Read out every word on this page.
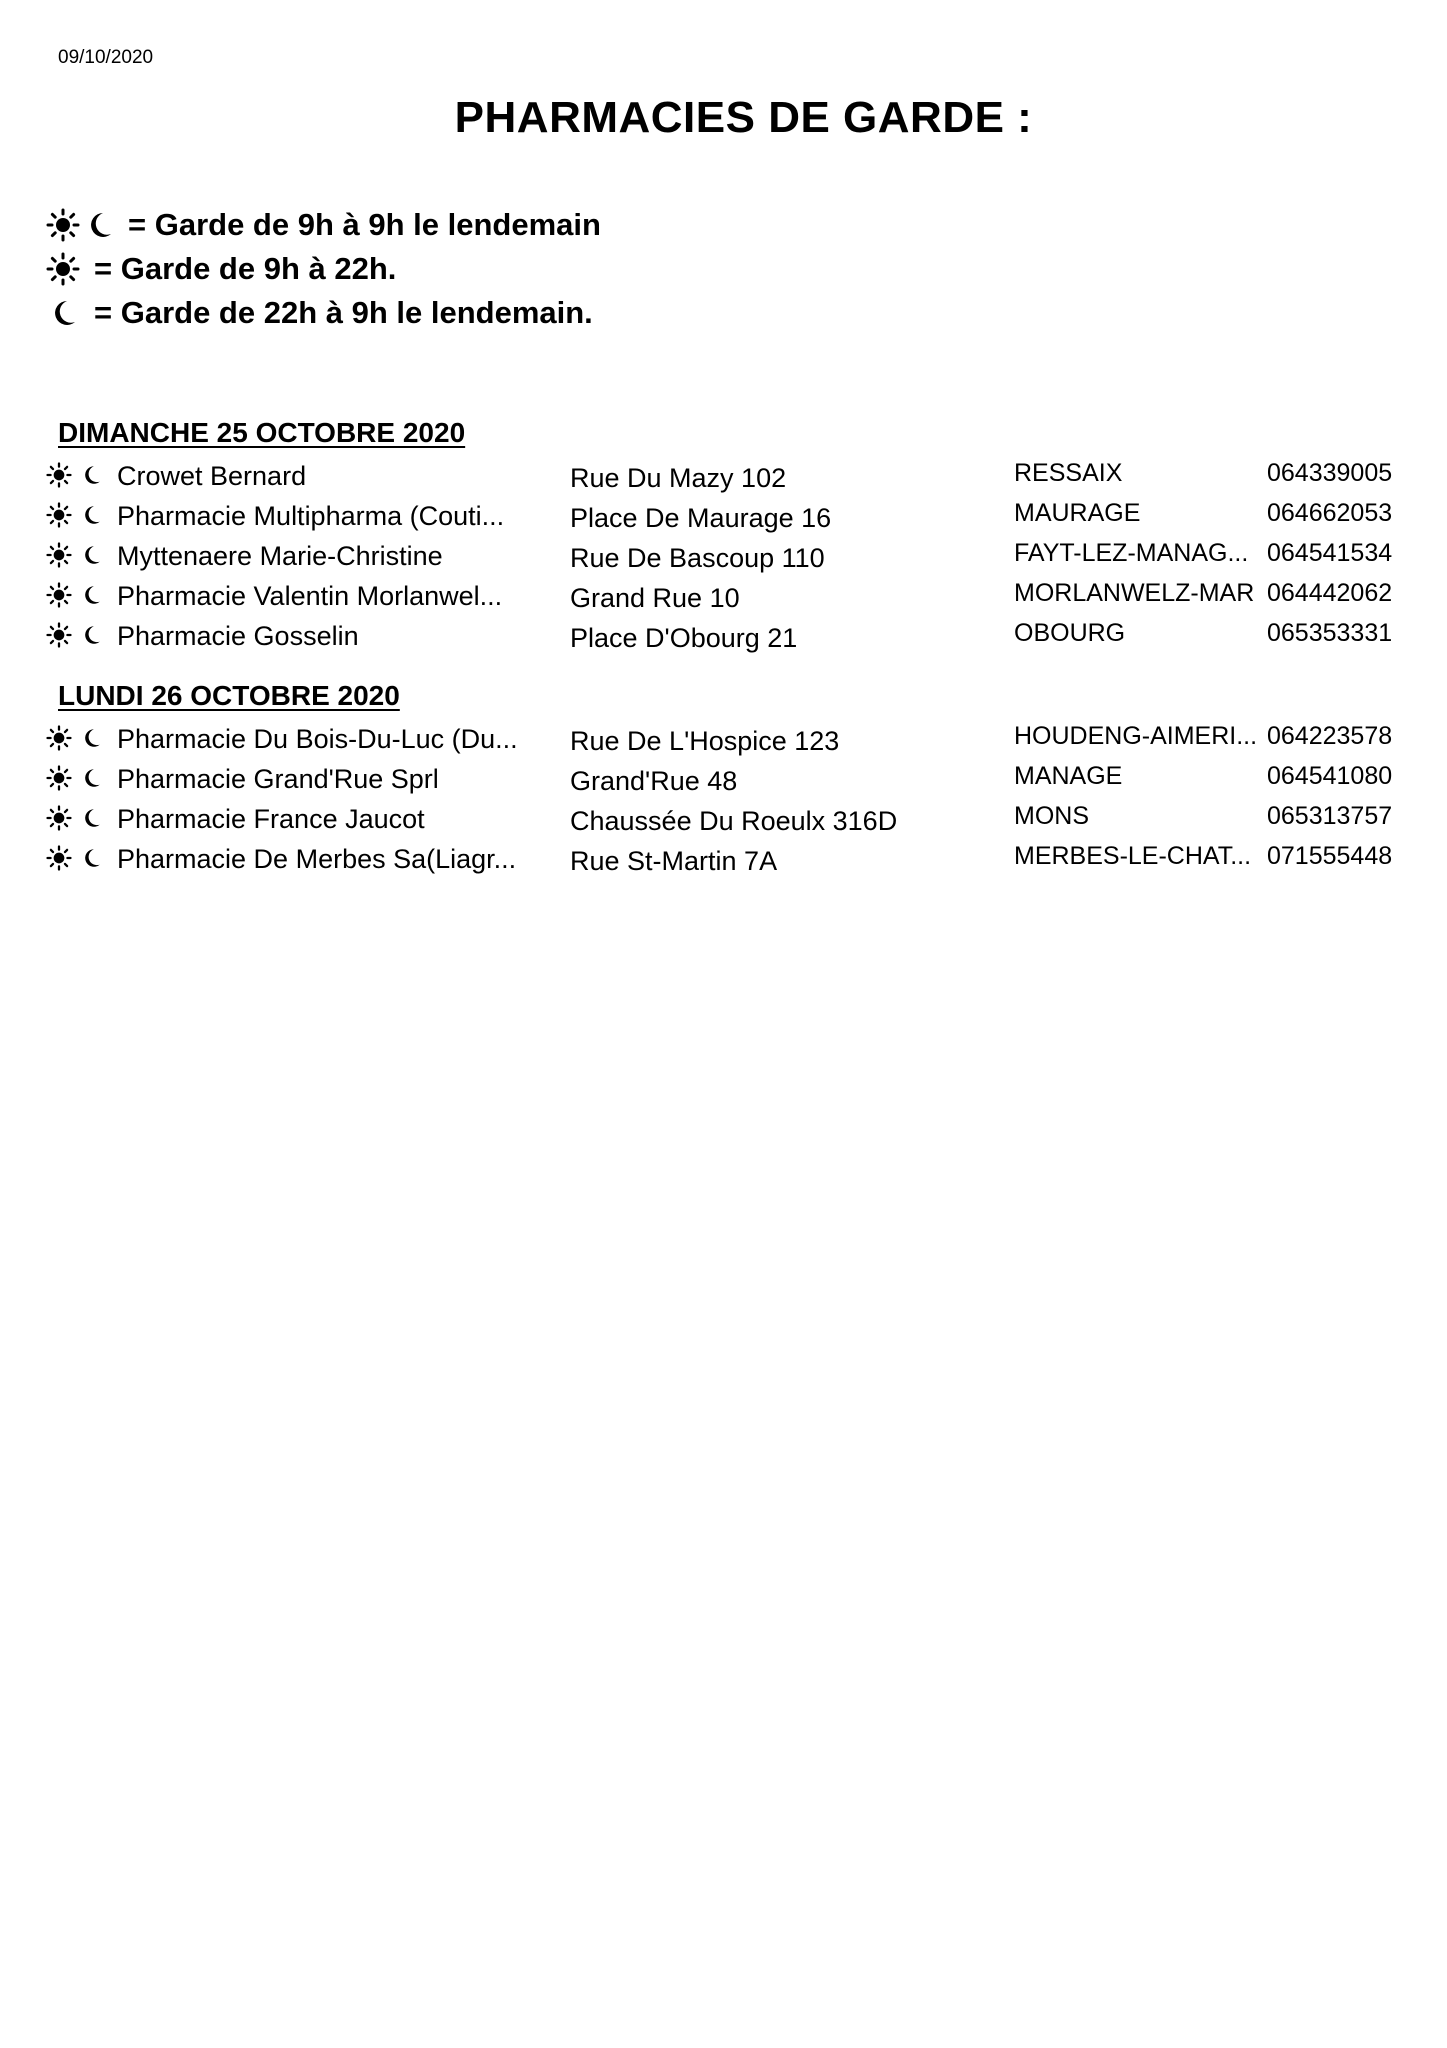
09/10/2020
PHARMACIES DE GARDE :
= Garde de 9h à 9h le lendemain
= Garde de 9h à 22h.
= Garde de 22h à 9h le lendemain.
DIMANCHE 25 OCTOBRE 2020
Crowet Bernard	Rue Du Mazy 102	RESSAIX	064339005
Pharmacie Multipharma (Couti... Place De Maurage 16	MAURAGE	064662053
Myttenaere Marie-Christine	Rue De Bascoup 110	FAYT-LEZ-MANAG... 064541534
Pharmacie Valentin Morlanwel...	Grand Rue 10	MORLANWELZ-MAR 064442062
Pharmacie Gosselin	Place D'Obourg 21	OBOURG	065353331
LUNDI 26 OCTOBRE 2020
Pharmacie Du Bois-Du-Luc (Du... Rue De L'Hospice 123	HOUDENG-AIMERI... 064223578
Pharmacie Grand'Rue Sprl	Grand'Rue 48	MANAGE	064541080
Pharmacie France Jaucot	Chaussée Du Roeulx 316D	MONS	065313757
Pharmacie De Merbes Sa(Liagr... Rue St-Martin 7A	MERBES-LE-CHAT... 071555448
